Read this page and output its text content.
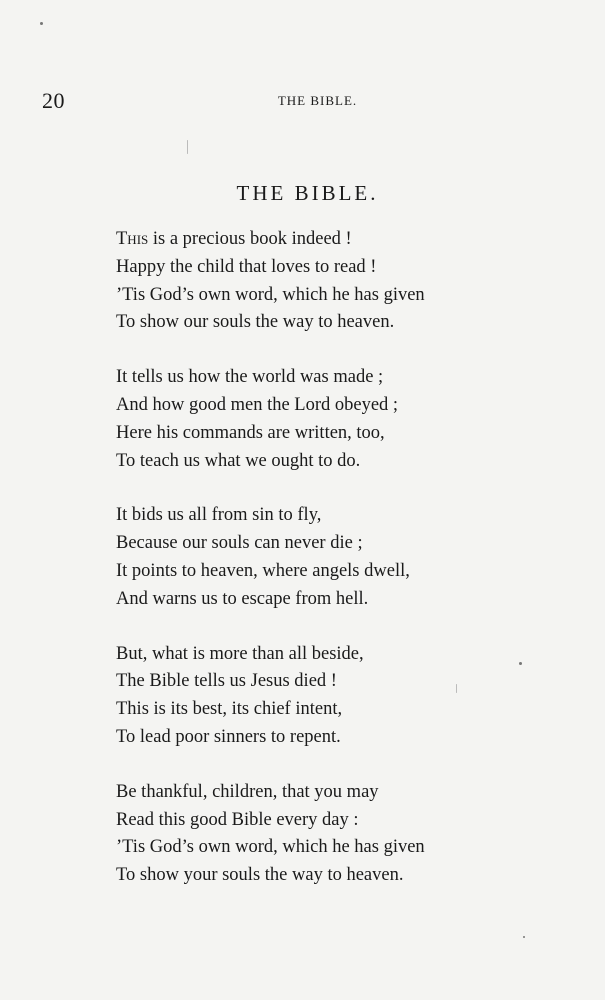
20	THE BIBLE.
THE BIBLE.
This is a precious book indeed !
Happy the child that loves to read !
’Tis God’s own word, which he has given
To show our souls the way to heaven.
It tells us how the world was made ;
And how good men the Lord obeyed ;
Here his commands are written, too,
To teach us what we ought to do.
It bids us all from sin to fly,
Because our souls can never die ;
It points to heaven, where angels dwell,
And warns us to escape from hell.
But, what is more than all beside,
The Bible tells us Jesus died !
This is its best, its chief intent,
To lead poor sinners to repent.
Be thankful, children, that you may
Read this good Bible every day :
’Tis God’s own word, which he has given
To show your souls the way to heaven.
